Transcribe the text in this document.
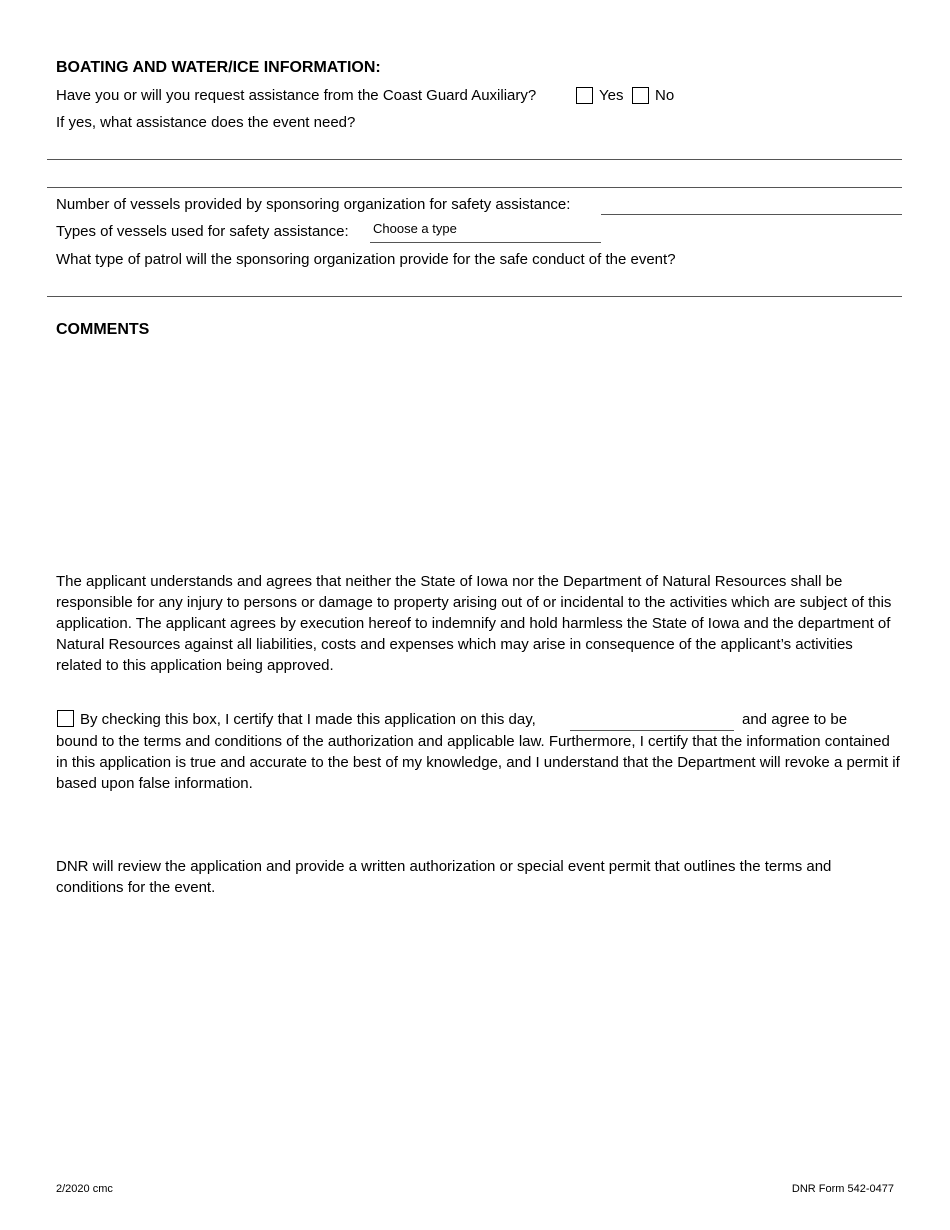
BOATING AND WATER/ICE INFORMATION:
Have you or will you request assistance from the Coast Guard Auxiliary?	Yes No
If yes, what assistance does the event need?
Number of vessels provided by sponsoring organization for safety assistance:
Types of vessels used for safety assistance: Choose a type
What type of patrol will the sponsoring organization provide for the safe conduct of the event?
COMMENTS
The applicant understands and agrees that neither the State of Iowa nor the Department of Natural Resources shall be responsible for any injury to persons or damage to property arising out of or incidental to the activities which are subject of this application. The applicant agrees by execution hereof to indemnify and hold harmless the State of Iowa and the department of Natural Resources against all liabilities, costs and expenses which may arise in consequence of the applicant’s activities related to this application being approved.
By checking this box, I certify that I made this application on this day,	and agree to be
bound to the terms and conditions of the authorization and applicable law. Furthermore, I certify that the information contained in this application is true and accurate to the best of my knowledge, and I understand that the Department will revoke a permit if based upon false information.
DNR will review the application and provide a written authorization or special event permit that outlines the terms and conditions for the event.
2/2020 cmc	DNR Form 542-0477
